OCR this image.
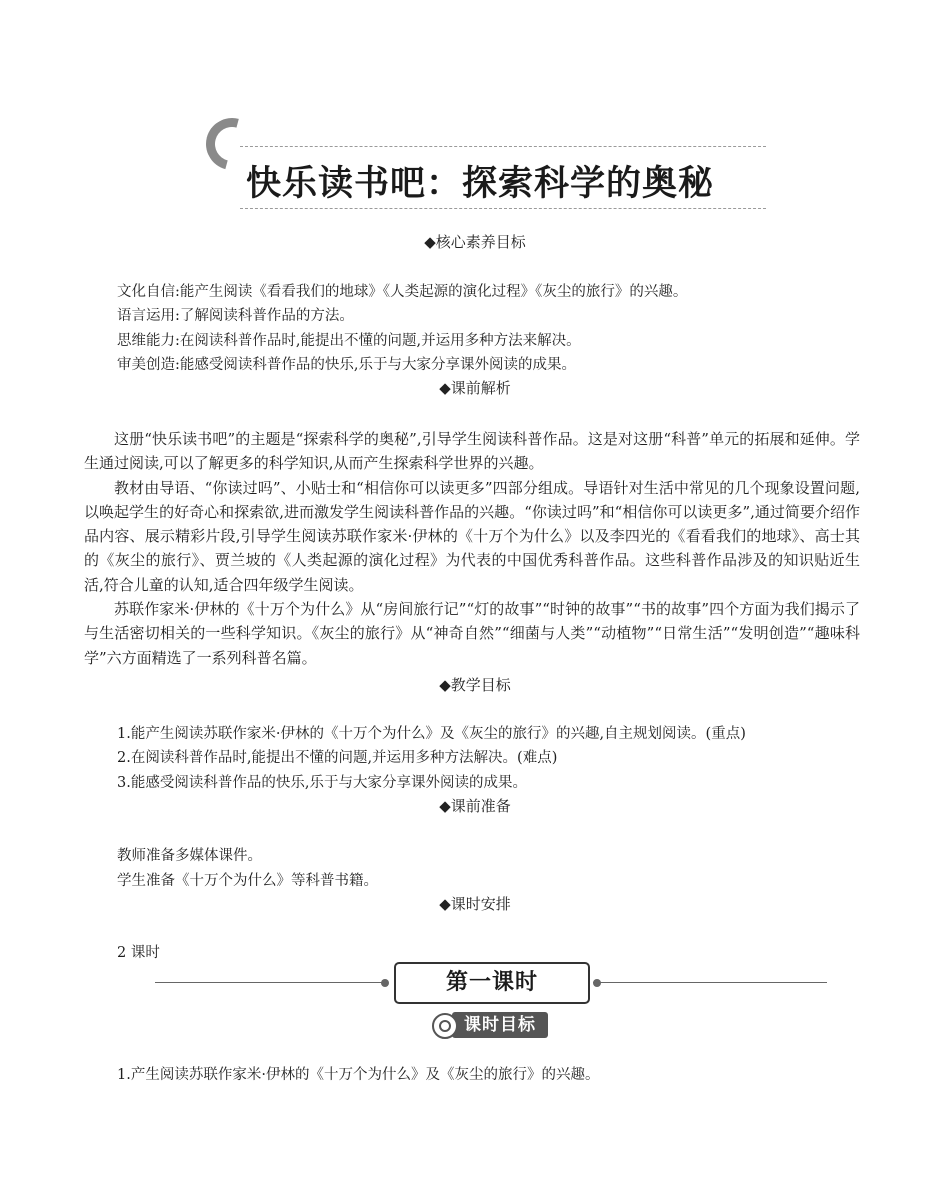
快乐读书吧：探索科学的奥秘
◆核心素养目标
文化自信:能产生阅读《看看我们的地球》《人类起源的演化过程》《灰尘的旅行》的兴趣。
语言运用:了解阅读科普作品的方法。
思维能力:在阅读科普作品时,能提出不懂的问题,并运用多种方法来解决。
审美创造:能感受阅读科普作品的快乐,乐于与大家分享课外阅读的成果。
◆课前解析

这册“快乐读书吧”的主题是“探索科学的奥秘”,引导学生阅读科普作品。这是对这册“科普”单元的拓展和延伸。学生通过阅读,可以了解更多的科学知识,从而产生探索科学世界的兴趣。

教材由导语、“你读过吗”、小贴士和“相信你可以读更多”四部分组成。导语针对生活中常见的几个现象设置问题,以唤起学生的好奇心和探索欲,进而激发学生阅读科普作品的兴趣。“你读过吗”和“相信你可以读更多”,通过简要介绍作品内容、展示精彩片段,引导学生阅读苏联作家米·伊林的《十万个为什么》以及李四光的《看看我们的地球》、高士其的《灰尘的旅行》、贾兰坡的《人类起源的演化过程》为代表的中国优秀科普作品。这些科普作品涉及的知识贴近生活,符合儿童的认知,适合四年级学生阅读。

苏联作家米·伊林的《十万个为什么》从“房间旅行记”“灯的故事”“时钟的故事”“书的故事”四个方面为我们揭示了与生活密切相关的一些科学知识。《灰尘的旅行》从“神奇自然”“细菌与人类”“动植物”“日常生活”“发明创造”“趣味科学”六方面精选了一系列科普名篇。

◆教学目标
1.能产生阅读苏联作家米·伊林的《十万个为什么》及《灰尘的旅行》的兴趣,自主规划阅读。(重点)
2.在阅读科普作品时,能提出不懂的问题,并运用多种方法解决。(难点)
3.能感受阅读科普作品的快乐,乐于与大家分享课外阅读的成果。
◆课前准备
教师准备多媒体课件。
学生准备《十万个为什么》等科普书籍。
◆课时安排
2 课时
第一课时
课时目标
1.产生阅读苏联作家米·伊林的《十万个为什么》及《灰尘的旅行》的兴趣。
